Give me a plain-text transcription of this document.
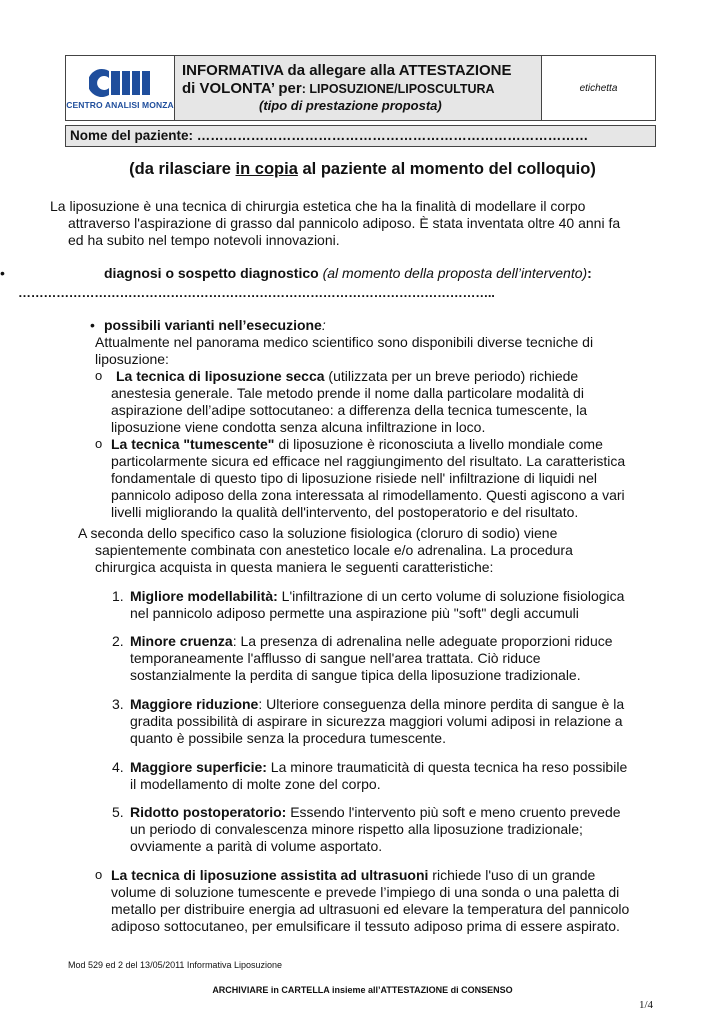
CENTRO ANALISI MONZA
INFORMATIVA da allegare alla ATTESTAZIONE
di VOLONTA’ per: LIPOSUZIONE/LIPOSCULTURA
(tipo di prestazione proposta)
etichetta
Nome del paziente: ……………………………………………………………………………
(da rilasciare in copia al paziente al momento del colloquio)
La liposuzione è una tecnica di chirurgia estetica che ha la finalità di modellare il corpo
attraverso l'aspirazione di grasso dal pannicolo adiposo. È stata inventata oltre 40 anni fa
ed ha subito nel tempo notevoli innovazioni.
•	diagnosi o sospetto diagnostico (al momento della proposta dell’intervento):
…………………………………………………………………………………………………..
• possibili varianti nell’esecuzione:
Attualmente nel panorama medico scientifico sono disponibili diverse tecniche di
liposuzione:
o La tecnica di liposuzione secca (utilizzata per un breve periodo) richiede
anestesia generale. Tale metodo prende il nome dalla particolare modalità di
aspirazione dell’adipe sottocutaneo: a differenza della tecnica tumescente, la
liposuzione viene condotta senza alcuna infiltrazione in loco.
o La tecnica "tumescente" di liposuzione è riconosciuta a livello mondiale come
particolarmente sicura ed efficace nel raggiungimento del risultato. La caratteristica
fondamentale di questo tipo di liposuzione risiede nell' infiltrazione di liquidi nel
pannicolo adiposo della zona interessata al rimodellamento. Questi agiscono a vari
livelli migliorando la qualità dell'intervento, del postoperatorio e del risultato.
A seconda dello specifico caso la soluzione fisiologica (cloruro di sodio) viene
sapientemente combinata con anestetico locale e/o adrenalina. La procedura
chirurgica acquista in questa maniera le seguenti caratteristiche:
1. Migliore modellabilità: L'infiltrazione di un certo volume di soluzione fisiologica
nel pannicolo adiposo permette una aspirazione più "soft" degli accumuli
2. Minore cruenza: La presenza di adrenalina nelle adeguate proporzioni riduce
temporaneamente l'afflusso di sangue nell'area trattata. Ciò riduce
sostanzialmente la perdita di sangue tipica della liposuzione tradizionale.
3. Maggiore riduzione: Ulteriore conseguenza della minore perdita di sangue è la
gradita possibilità di aspirare in sicurezza maggiori volumi adiposi in relazione a
quanto è possibile senza la procedura tumescente.
4. Maggiore superficie: La minore traumaticità di questa tecnica ha reso possibile
il modellamento di molte zone del corpo.
5. Ridotto postoperatorio: Essendo l'intervento più soft e meno cruento prevede
un periodo di convalescenza minore rispetto alla liposuzione tradizionale;
ovviamente a parità di volume asportato.
o La tecnica di liposuzione assistita ad ultrasuoni richiede l'uso di un grande
volume di soluzione tumescente e prevede l’impiego di una sonda o una paletta di
metallo per distribuire energia ad ultrasuoni ed elevare la temperatura del pannicolo
adiposo sottocutaneo, per emulsificare il tessuto adiposo prima di essere aspirato.
Mod 529 ed 2 del 13/05/2011 Informativa Liposuzione
ARCHIVIARE in CARTELLA insieme all’ATTESTAZIONE di CONSENSO
1/4
